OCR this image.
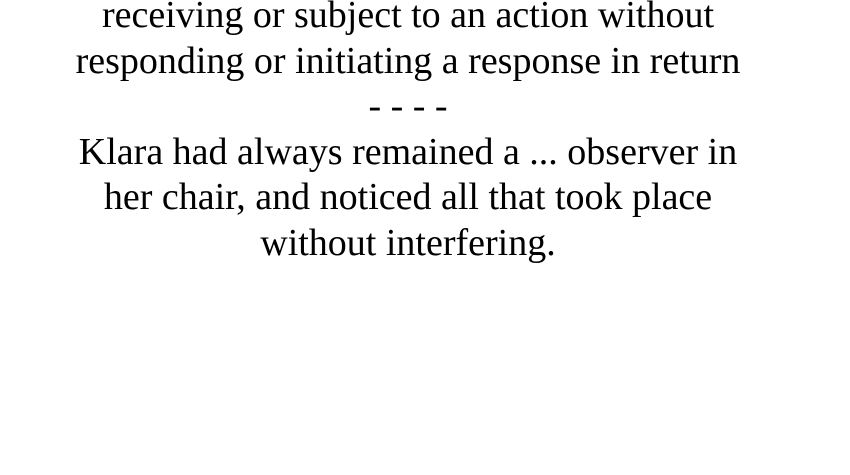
receiving or subject to an action without

responding or initiating a response in return

- - - -

Klara had always remained a ... observer in

her chair, and noticed all that took place

without interfering.
